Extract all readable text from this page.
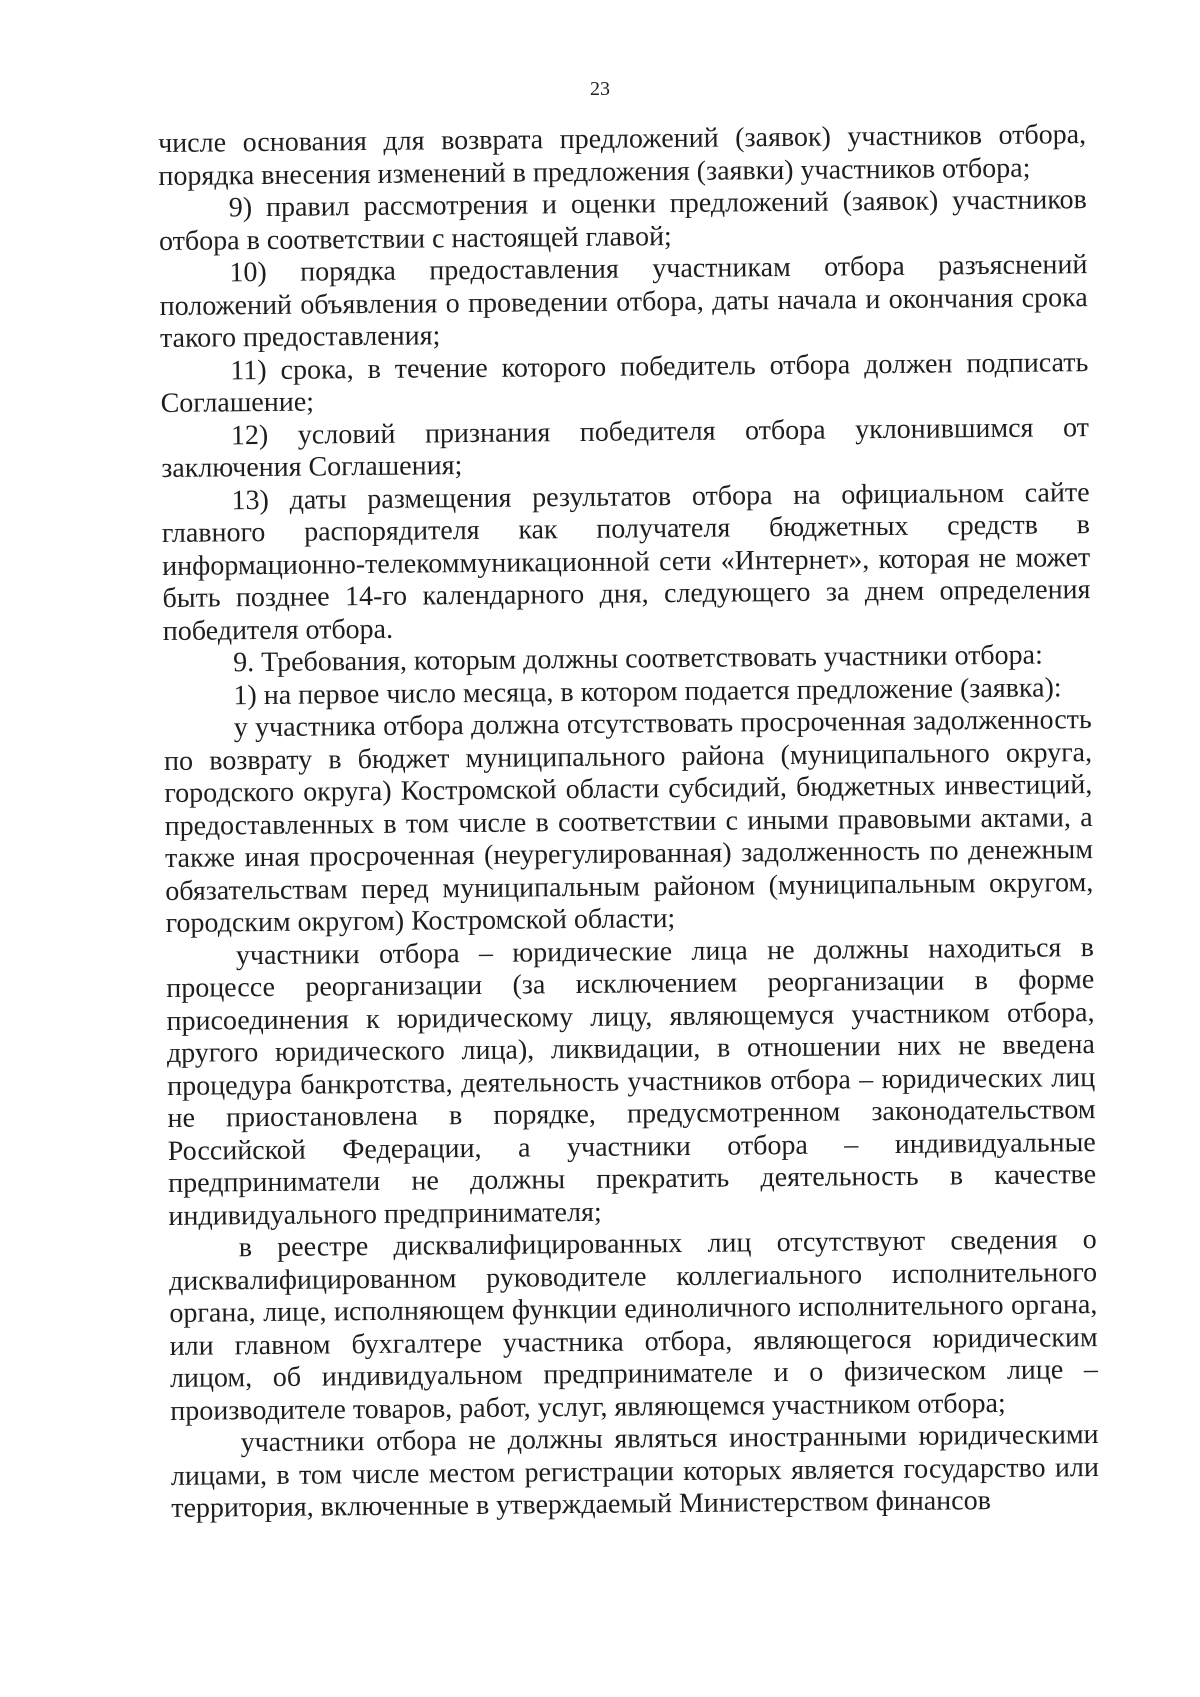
23

числе основания для возврата предложений (заявок) участников отбора, порядка внесения изменений в предложения (заявки) участников отбора;

9) правил рассмотрения и оценки предложений (заявок) участников отбора в соответствии с настоящей главой;

10) порядка предоставления участникам отбора разъяснений положений объявления о проведении отбора, даты начала и окончания срока такого предоставления;

11) срока, в течение которого победитель отбора должен подписать Соглашение;

12) условий признания победителя отбора уклонившимся от заключения Соглашения;

13) даты размещения результатов отбора на официальном сайте главного распорядителя как получателя бюджетных средств в информационно-телекоммуникационной сети «Интернет», которая не может быть позднее 14-го календарного дня, следующего за днем определения победителя отбора.

9. Требования, которым должны соответствовать участники отбора:

1) на первое число месяца, в котором подается предложение (заявка):

у участника отбора должна отсутствовать просроченная задолженность по возврату в бюджет муниципального района (муниципального округа, городского округа) Костромской области субсидий, бюджетных инвестиций, предоставленных в том числе в соответствии с иными правовыми актами, а также иная просроченная (неурегулированная) задолженность по денежным обязательствам перед муниципальным районом (муниципальным округом, городским округом) Костромской области;

участники отбора – юридические лица не должны находиться в процессе реорганизации (за исключением реорганизации в форме присоединения к юридическому лицу, являющемуся участником отбора, другого юридического лица), ликвидации, в отношении них не введена процедура банкротства, деятельность участников отбора – юридических лиц не приостановлена в порядке, предусмотренном законодательством Российской Федерации, а участники отбора – индивидуальные предприниматели не должны прекратить деятельность в качестве индивидуального предпринимателя;

в реестре дисквалифицированных лиц отсутствуют сведения о дисквалифицированном руководителе коллегиального исполнительного органа, лице, исполняющем функции единоличного исполнительного органа, или главном бухгалтере участника отбора, являющегося юридическим лицом, об индивидуальном предпринимателе и о физическом лице – производителе товаров, работ, услуг, являющемся участником отбора;

участники отбора не должны являться иностранными юридическими лицами, в том числе местом регистрации которых является государство или территория, включенные в утверждаемый Министерством финансов
